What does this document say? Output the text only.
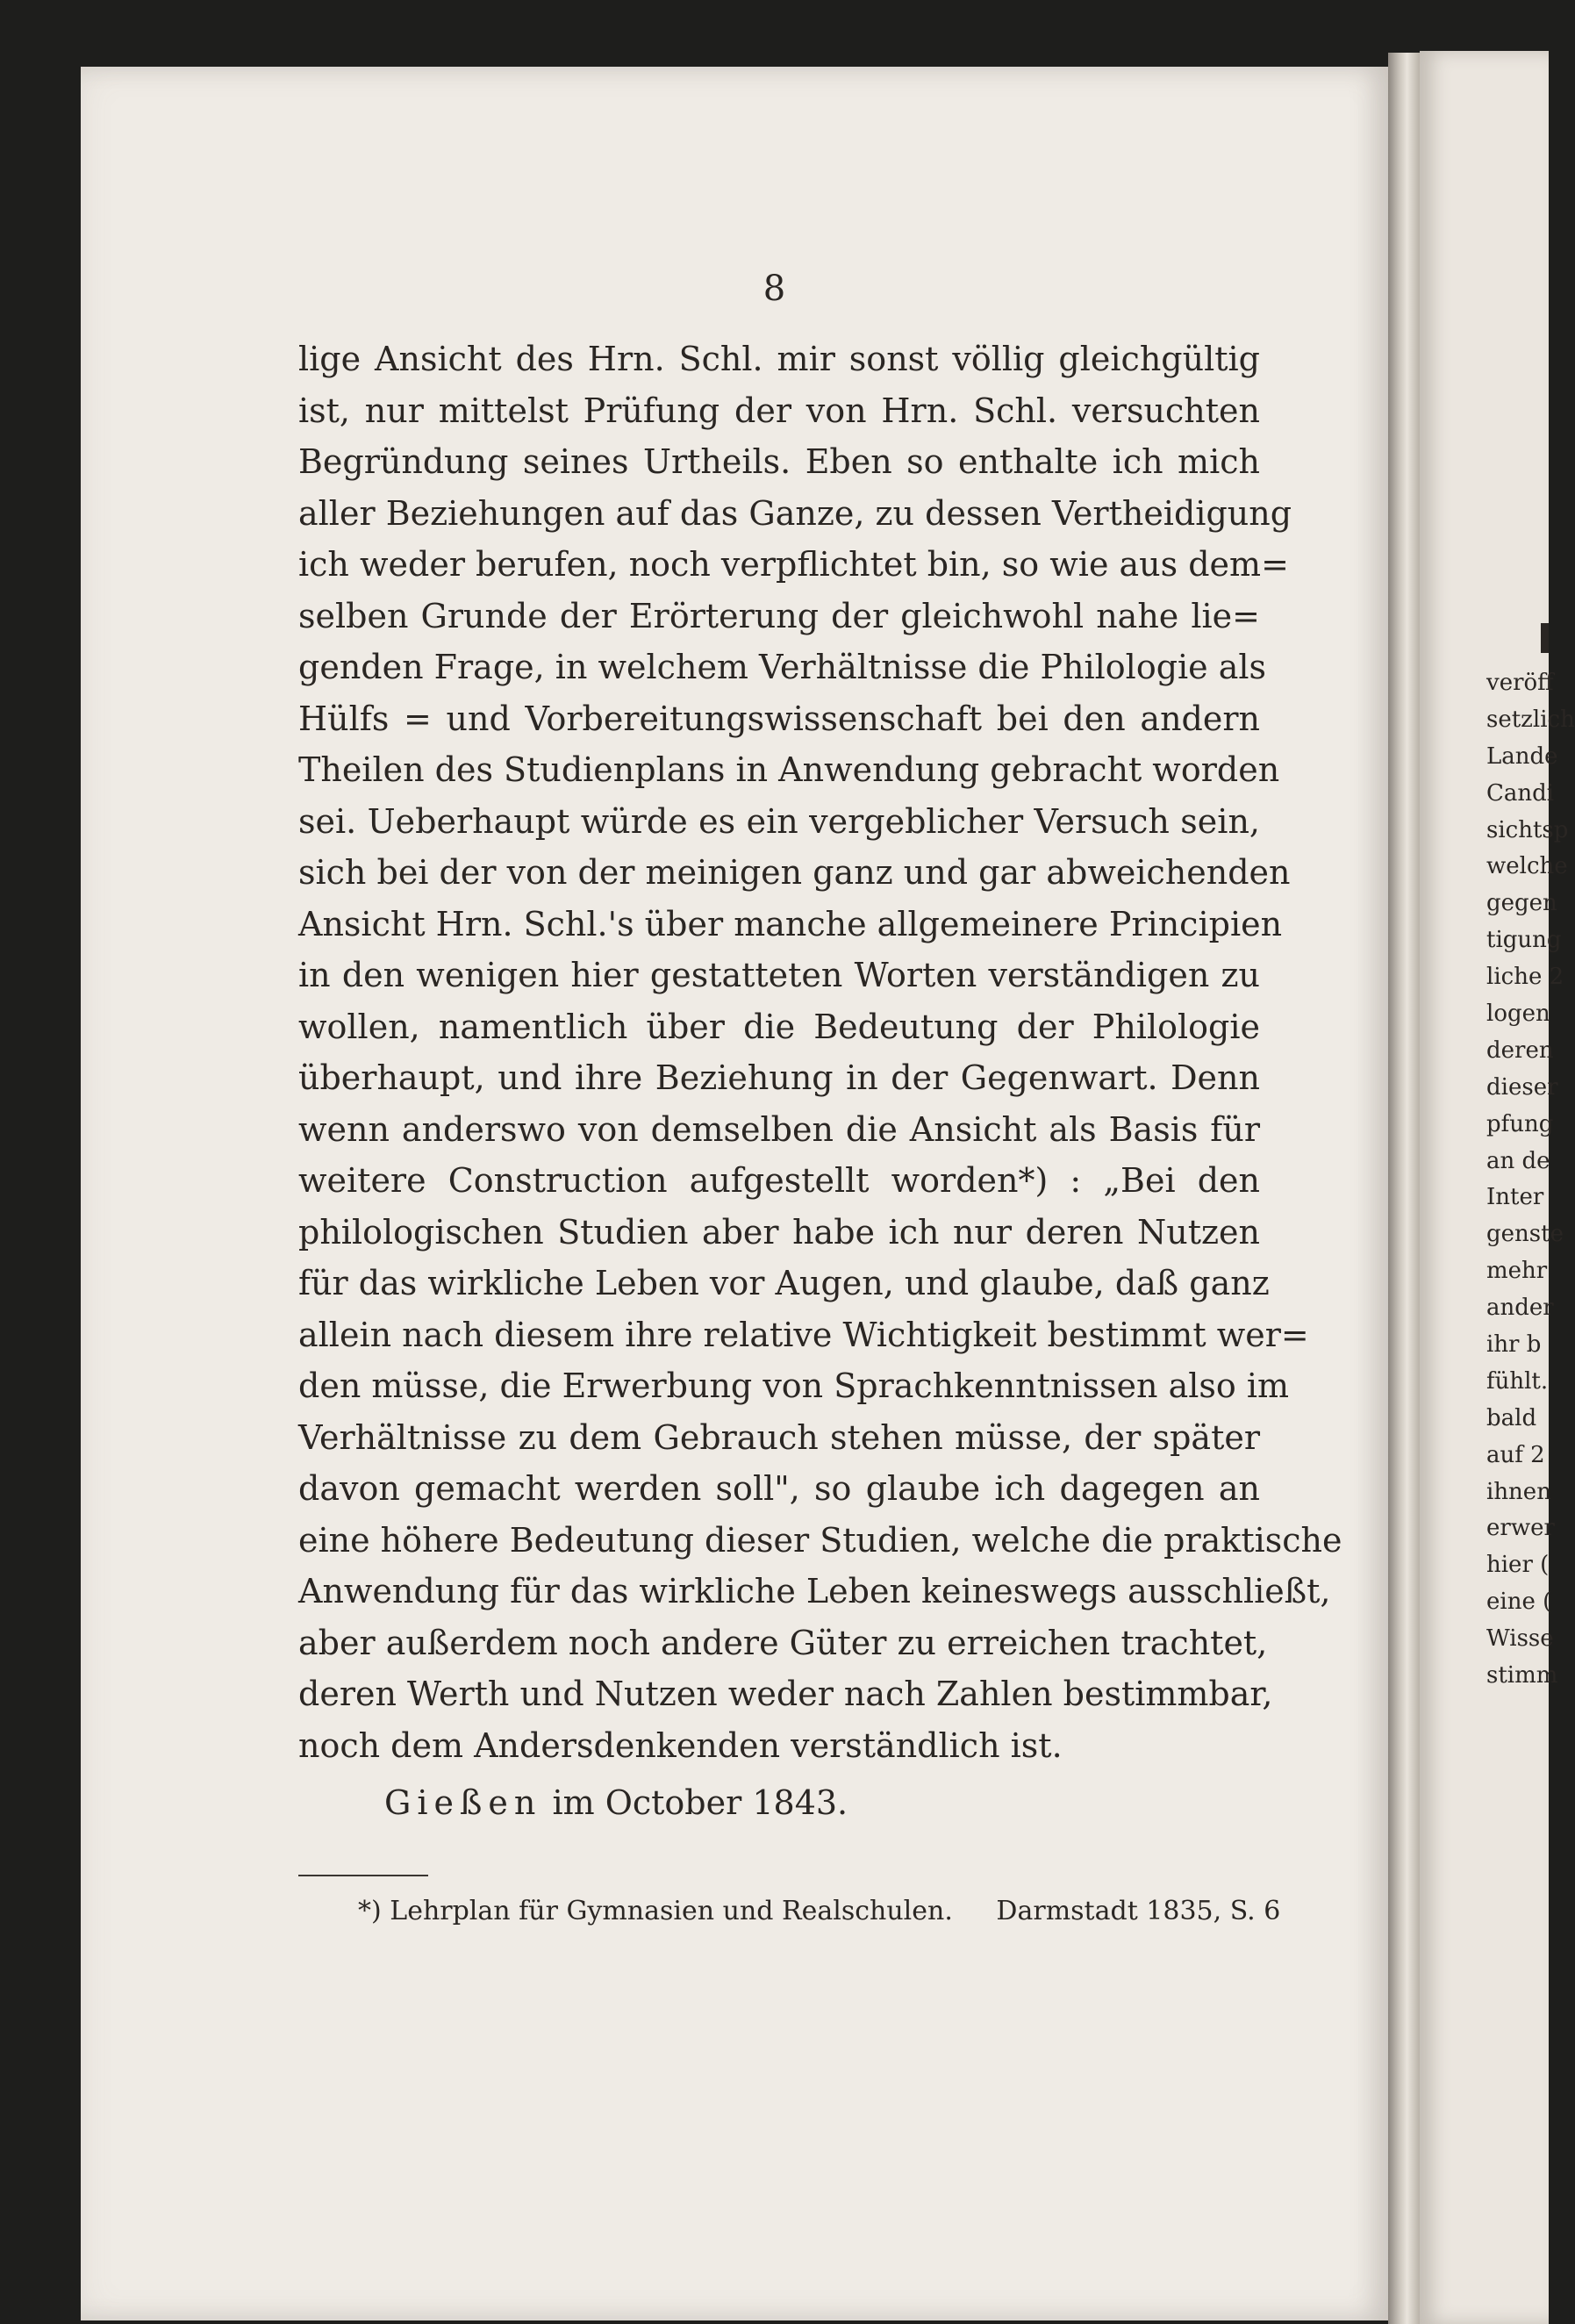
8
lige Ansicht des Hrn. Schl. mir sonst völlig gleichgültig
ist, nur mittelst Prüfung der von Hrn. Schl. versuchten
Begründung seines Urtheils. Eben so enthalte ich mich
aller Beziehungen auf das Ganze, zu dessen Vertheidigung
ich weder berufen, noch verpflichtet bin, so wie aus dem=
selben Grunde der Erörterung der gleichwohl nahe lie=
genden Frage, in welchem Verhältnisse die Philologie als
Hülfs = und Vorbereitungswissenschaft bei den andern
Theilen des Studienplans in Anwendung gebracht worden
sei. Ueberhaupt würde es ein vergeblicher Versuch sein,
sich bei der von der meinigen ganz und gar abweichenden
Ansicht Hrn. Schl.'s über manche allgemeinere Principien
in den wenigen hier gestatteten Worten verständigen zu
wollen, namentlich über die Bedeutung der Philologie
überhaupt, und ihre Beziehung in der Gegenwart. Denn
wenn anderswo von demselben die Ansicht als Basis für
weitere Construction aufgestellt worden*) : „Bei den
philologischen Studien aber habe ich nur deren Nutzen
für das wirkliche Leben vor Augen, und glaube, daß ganz
allein nach diesem ihre relative Wichtigkeit bestimmt wer=
den müsse, die Erwerbung von Sprachkenntnissen also im
Verhältnisse zu dem Gebrauch stehen müsse, der später
davon gemacht werden soll", so glaube ich dagegen an
eine höhere Bedeutung dieser Studien, welche die praktische
Anwendung für das wirkliche Leben keineswegs ausschließt,
aber außerdem noch andere Güter zu erreichen trachtet,
deren Werth und Nutzen weder nach Zahlen bestimmbar,
noch dem Andersdenkenden verständlich ist.
Gießen im October 1843.
*) Lehrplan für Gymnasien und Realschulen. Darmstadt 1835, S. 6
veröff
setzlich
Lande
Candi
sichtsp
welche
gegen
tigung
liche 2
logen
deren
dieser
pfung
an de
Inter
genste
mehr
ander
ihr b
fühlt.
bald
auf 2
ihnen
erwer
hier (
eine (
Wisse
stimm
